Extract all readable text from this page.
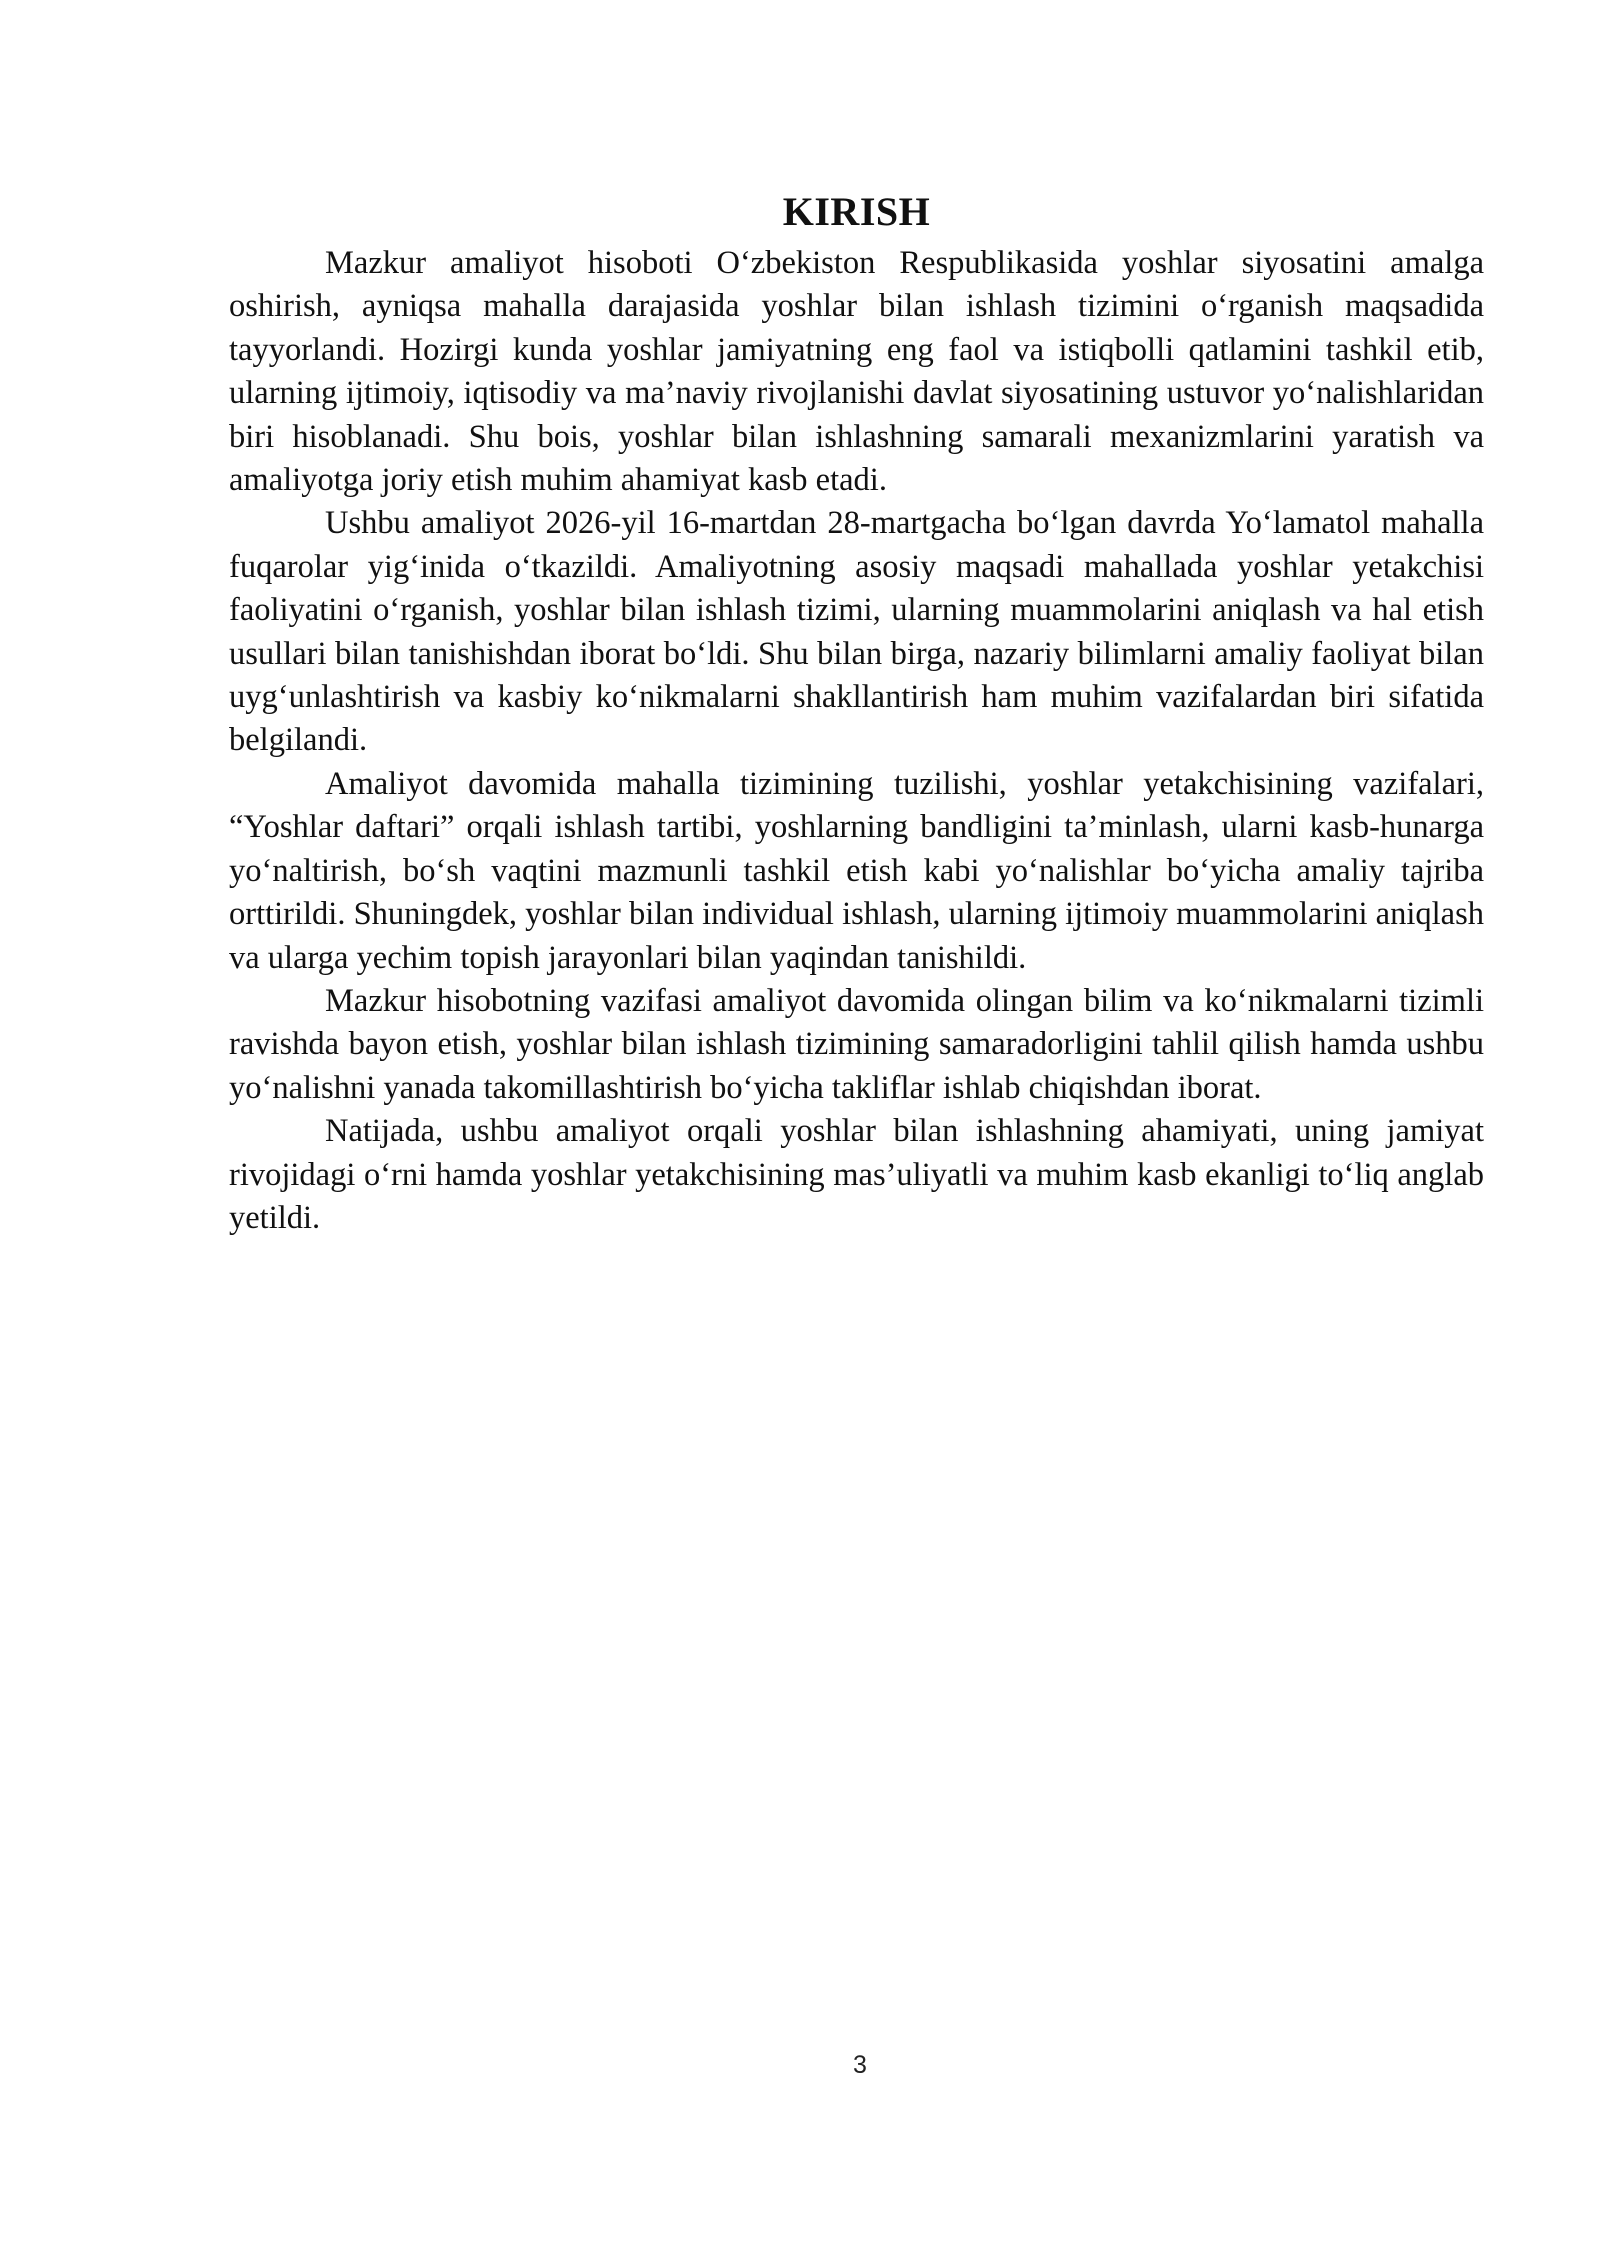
KIRISH

Mazkur amaliyot hisoboti O‘zbekiston Respublikasida yoshlar siyosatini amalga oshirish, ayniqsa mahalla darajasida yoshlar bilan ishlash tizimini o‘rganish maqsadida tayyorlandi. Hozirgi kunda yoshlar jamiyatning eng faol va istiqbolli qatlamini tashkil etib, ularning ijtimoiy, iqtisodiy va ma’naviy rivojlanishi davlat siyosatining ustuvor yo‘nalishlaridan biri hisoblanadi. Shu bois, yoshlar bilan ishlashning samarali mexanizmlarini yaratish va amaliyotga joriy etish muhim ahamiyat kasb etadi.

Ushbu amaliyot 2026-yil 16-martdan 28-martgacha bo‘lgan davrda Yo‘lamatol mahalla fuqarolar yig‘inida o‘tkazildi. Amaliyotning asosiy maqsadi mahallada yoshlar yetakchisi faoliyatini o‘rganish, yoshlar bilan ishlash tizimi, ularning muammolarini aniqlash va hal etish usullari bilan tanishishdan iborat bo‘ldi. Shu bilan birga, nazariy bilimlarni amaliy faoliyat bilan uyg‘unlashtirish va kasbiy ko‘nikmalarni shakllantirish ham muhim vazifalardan biri sifatida belgilandi.

Amaliyot davomida mahalla tizimining tuzilishi, yoshlar yetakchisining vazifalari, “Yoshlar daftari” orqali ishlash tartibi, yoshlarning bandligini ta’minlash, ularni kasb-hunarga yo‘naltirish, bo‘sh vaqtini mazmunli tashkil etish kabi yo‘nalishlar bo‘yicha amaliy tajriba orttirildi. Shuningdek, yoshlar bilan individual ishlash, ularning ijtimoiy muammolarini aniqlash va ularga yechim topish jarayonlari bilan yaqindan tanishildi.

Mazkur hisobotning vazifasi amaliyot davomida olingan bilim va ko‘nikmalarni tizimli ravishda bayon etish, yoshlar bilan ishlash tizimining samaradorligini tahlil qilish hamda ushbu yo‘nalishni yanada takomillashtirish bo‘yicha takliflar ishlab chiqishdan iborat.

Natijada, ushbu amaliyot orqali yoshlar bilan ishlashning ahamiyati, uning jamiyat rivojidagi o‘rni hamda yoshlar yetakchisining mas’uliyatli va muhim kasb ekanligi to‘liq anglab yetildi.

3
